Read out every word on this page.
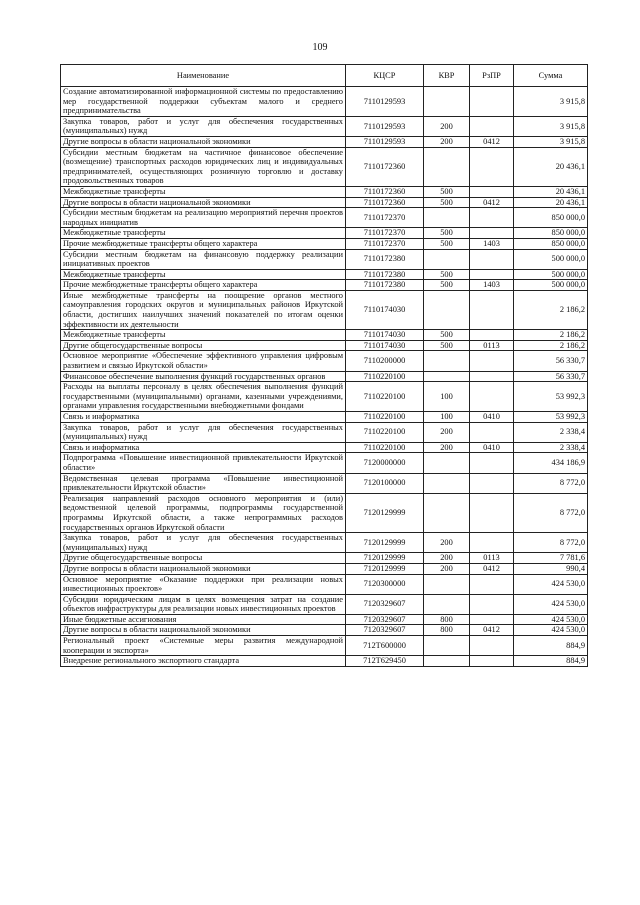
109
Наименование	КЦСР	КВР	РзПР	Сумма
Создание автоматизированной информационной системы по предоставлению мер государственной поддержки субъектам малого и среднего предпринимательства	7110129593			3 915,8
Закупка товаров, работ и услуг для обеспечения государственных (муниципальных) нужд	7110129593	200		3 915,8
Другие вопросы в области национальной экономики	7110129593	200	0412	3 915,8
Субсидии местным бюджетам на частичное финансовое обеспечение (возмещение) транспортных расходов юридических лиц и индивидуальных предпринимателей, осуществляющих розничную торговлю и доставку продовольственных товаров	7110172360			20 436,1
Межбюджетные трансферты	7110172360	500		20 436,1
Другие вопросы в области национальной экономики	7110172360	500	0412	20 436,1
Субсидии местным бюджетам на реализацию мероприятий перечня проектов народных инициатив	7110172370			850 000,0
Межбюджетные трансферты	7110172370	500		850 000,0
Прочие межбюджетные трансферты общего характера	7110172370	500	1403	850 000,0
Субсидии местным бюджетам на финансовую поддержку реализации инициативных проектов	7110172380			500 000,0
Межбюджетные трансферты	7110172380	500		500 000,0
Прочие межбюджетные трансферты общего характера	7110172380	500	1403	500 000,0
Иные межбюджетные трансферты на поощрение органов местного самоуправления городских округов и муниципальных районов Иркутской области, достигших наилучших значений показателей по итогам оценки эффективности их деятельности	7110174030			2 186,2
Межбюджетные трансферты	7110174030	500		2 186,2
Другие общегосударственные вопросы	7110174030	500	0113	2 186,2
Основное мероприятие «Обеспечение эффективного управления цифровым развитием и связью Иркутской области»	7110200000			56 330,7
Финансовое обеспечение выполнения функций государственных органов	7110220100			56 330,7
Расходы на выплаты персоналу в целях обеспечения выполнения функций государственными (муниципальными) органами, казенными учреждениями, органами управления государственными внебюджетными фондами	7110220100	100		53 992,3
Связь и информатика	7110220100	100	0410	53 992,3
Закупка товаров, работ и услуг для обеспечения государственных (муниципальных) нужд	7110220100	200		2 338,4
Связь и информатика	7110220100	200	0410	2 338,4
Подпрограмма «Повышение инвестиционной привлекательности Иркутской области»	7120000000			434 186,9
Ведомственная целевая программа «Повышение инвестиционной привлекательности Иркутской области»	7120100000			8 772,0
Реализация направлений расходов основного мероприятия и (или) ведомственной целевой программы, подпрограммы государственной программы Иркутской области, а также непрограммных расходов государственных органов Иркутской области	7120129999			8 772,0
Закупка товаров, работ и услуг для обеспечения государственных (муниципальных) нужд	7120129999	200		8 772,0
Другие общегосударственные вопросы	7120129999	200	0113	7 781,6
Другие вопросы в области национальной экономики	7120129999	200	0412	990,4
Основное мероприятие «Оказание поддержки при реализации новых инвестиционных проектов»	7120300000			424 530,0
Субсидии юридическим лицам в целях возмещения затрат на создание объектов инфраструктуры для реализации новых инвестиционных проектов	7120329607			424 530,0
Иные бюджетные ассигнования	7120329607	800		424 530,0
Другие вопросы в области национальной экономики	7120329607	800	0412	424 530,0
Региональный проект «Системные меры развития международной кооперации и экспорта»	712T600000			884,9
Внедрение регионального экспортного стандарта	712T629450			884,9
